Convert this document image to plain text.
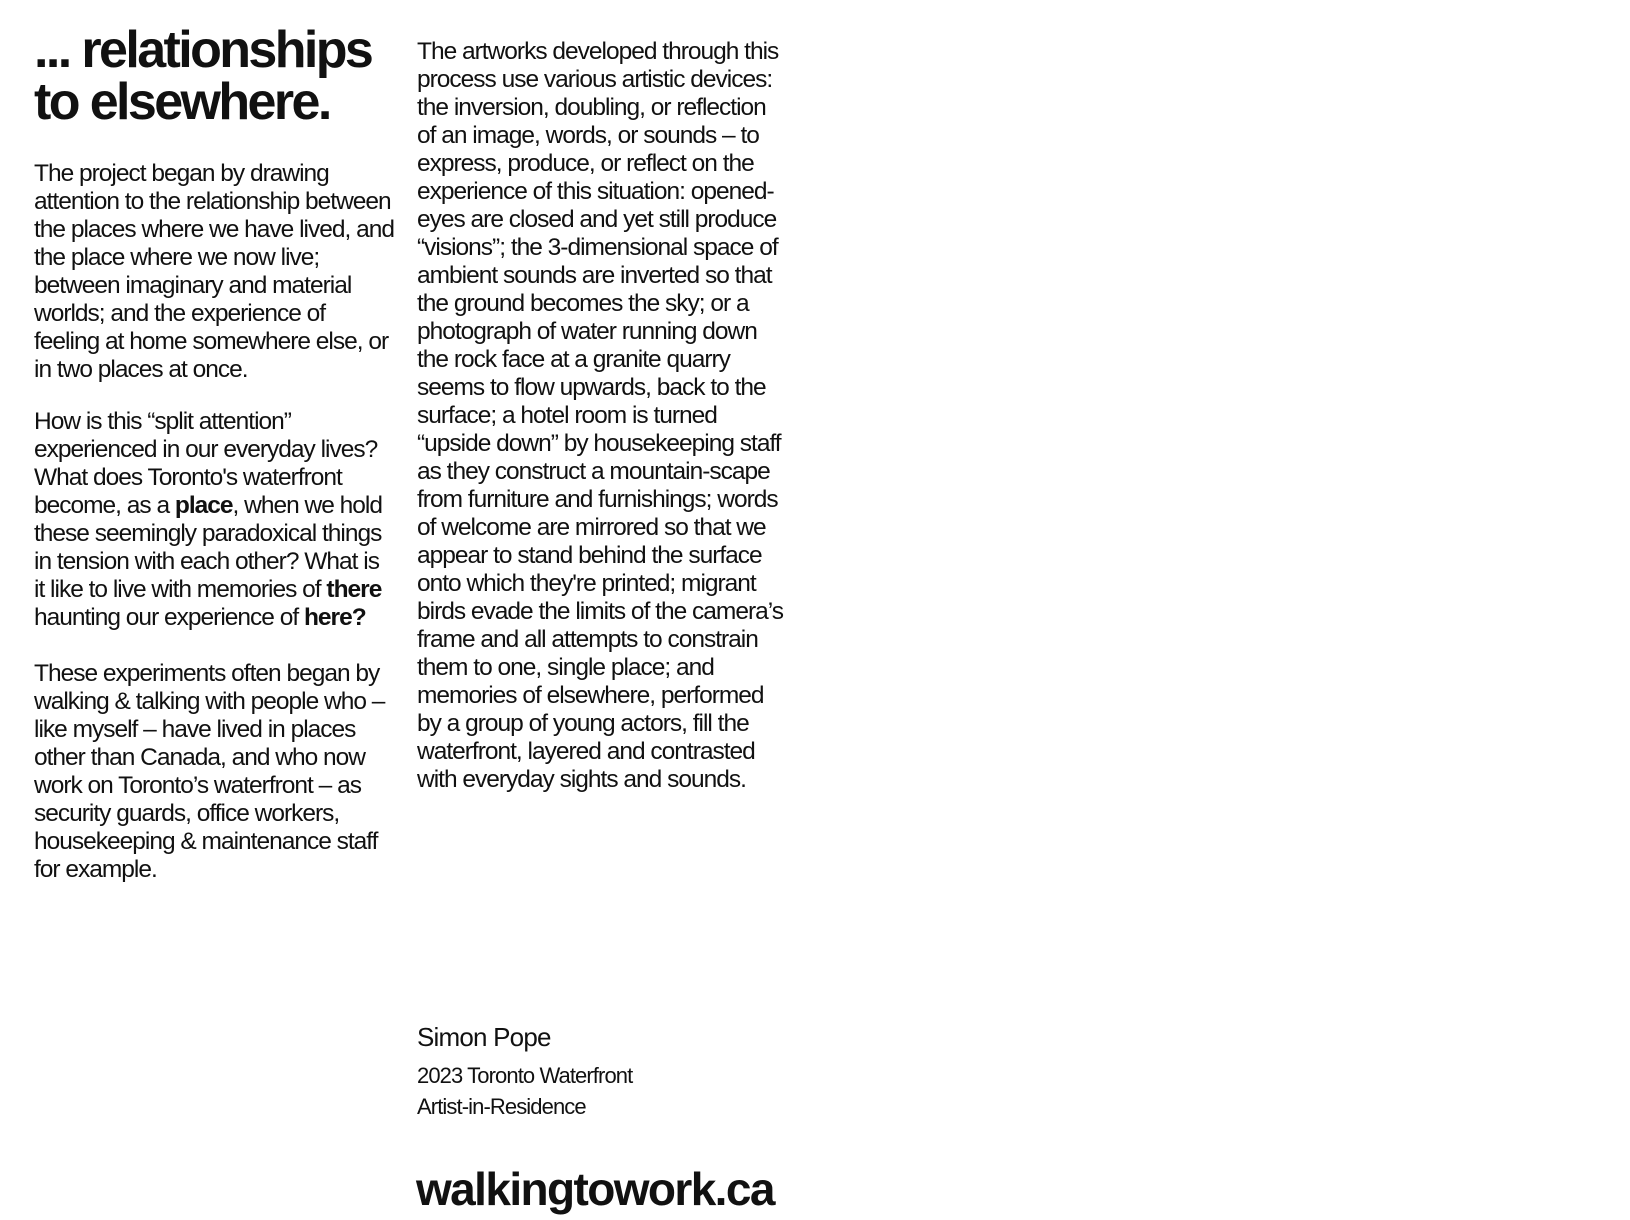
... relationships
to elsewhere.

The project began by drawing attention to the relationship between the places where we have lived, and the place where we now live; between imaginary and material worlds; and the experience of feeling at home somewhere else, or in two places at once.

How is this “split attention” experienced in our everyday lives? What does Toronto's waterfront become, as a place, when we hold these seemingly paradoxical things in tension with each other? What is it like to live with memories of there haunting our experience of here?

These experiments often began by walking & talking with people who – like myself – have lived in places other than Canada, and who now work on Toronto’s waterfront – as security guards, office workers, housekeeping & maintenance staff for example.

The artworks developed through this process use various artistic devices: the inversion, doubling, or reflection of an image, words, or sounds – to express, produce, or reflect on the experience of this situation: opened-eyes are closed and yet still produce “visions”; the 3-dimensional space of ambient sounds are inverted so that the ground becomes the sky; or a photograph of water running down the rock face at a granite quarry seems to flow upwards, back to the surface; a hotel room is turned “upside down” by housekeeping staff as they construct a mountain-scape from furniture and furnishings; words of welcome are mirrored so that we appear to stand behind the surface onto which they're printed; migrant birds evade the limits of the camera’s frame and all attempts to constrain them to one, single place; and memories of elsewhere, performed by a group of young actors, fill the waterfront, layered and contrasted with everyday sights and sounds.

Simon Pope
2023 Toronto Waterfront
Artist-in-Residence
walkingtowork.ca
